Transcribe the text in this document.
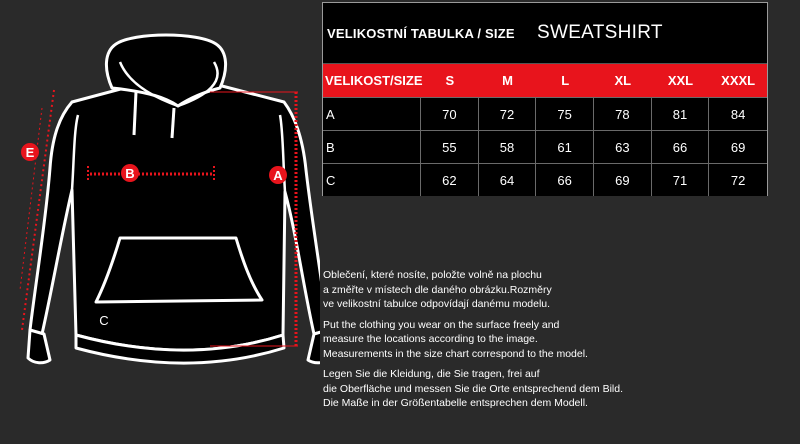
B	A
E
C
VELIKOSTNÍ TABULKA / SIZE	SWEATSHIRT
VELIKOST/SIZE	S	M	L	XL	XXL	XXXL
A	70	72	75	78	81	84
B	55	58	61	63	66	69
C	62	64	66	69	71	72

Oblečení, které nosíte, položte volně na plochu

a změřte v místech dle daného obrázku.Rozměry

ve velikostní tabulce odpovídají danému modelu.

Put the clothing you wear on the surface freely and

measure the locations according to the image.

Measurements in the size chart correspond to the model.

Legen Sie die Kleidung, die Sie tragen, frei auf

die Oberfläche und messen Sie die Orte entsprechend dem Bild.

Die Maße in der Größentabelle entsprechen dem Modell.
